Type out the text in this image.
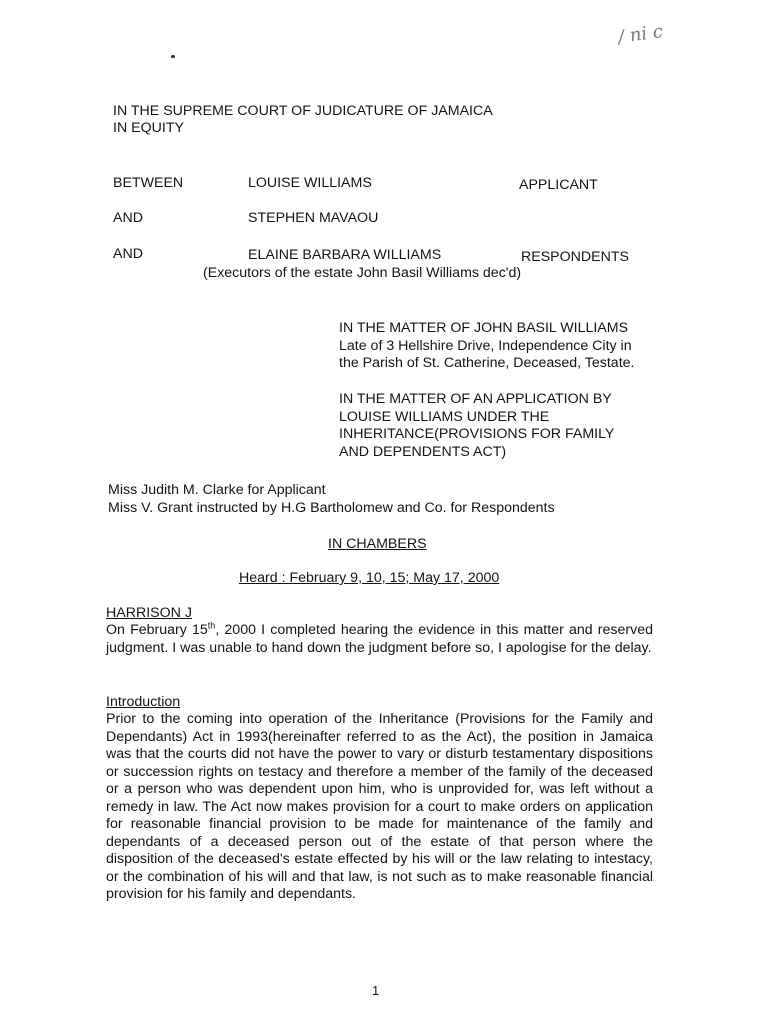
/ ni c
IN THE SUPREME COURT OF JUDICATURE OF JAMAICA
IN EQUITY
BETWEEN	LOUISE WILLIAMS	APPLICANT
AND	STEPHEN MAVAOU
AND	ELAINE BARBARA WILLIAMS	RESPONDENTS
(Executors of the estate John Basil Williams dec'd)
IN THE MATTER OF JOHN BASIL WILLIAMS
Late of 3 Hellshire Drive, Independence City in
the Parish of St. Catherine, Deceased, Testate.
IN THE MATTER OF AN APPLICATION BY
LOUISE WILLIAMS UNDER THE
INHERITANCE(PROVISIONS FOR FAMILY
AND DEPENDENTS ACT)
Miss Judith M. Clarke for Applicant
Miss V. Grant instructed by H.G Bartholomew and Co. for Respondents
IN CHAMBERS
Heard : February 9, 10, 15; May 17, 2000
HARRISON J
On February 15th, 2000 I completed hearing the evidence in this matter and reserved judgment. I was unable to hand down the judgment before so, I apologise for the delay.
Introduction
Prior to the coming into operation of the Inheritance (Provisions for the Family and Dependants) Act in 1993(hereinafter referred to as the Act), the position in Jamaica was that the courts did not have the power to vary or disturb testamentary dispositions or succession rights on testacy and therefore a member of the family of the deceased or a person who was dependent upon him, who is unprovided for, was left without a remedy in law. The Act now makes provision for a court to make orders on application for reasonable financial provision to be made for maintenance of the family and dependants of a deceased person out of the estate of that person where the disposition of the deceased's estate effected by his will or the law relating to intestacy, or the combination of his will and that law, is not such as to make reasonable financial provision for his family and dependants.
1
